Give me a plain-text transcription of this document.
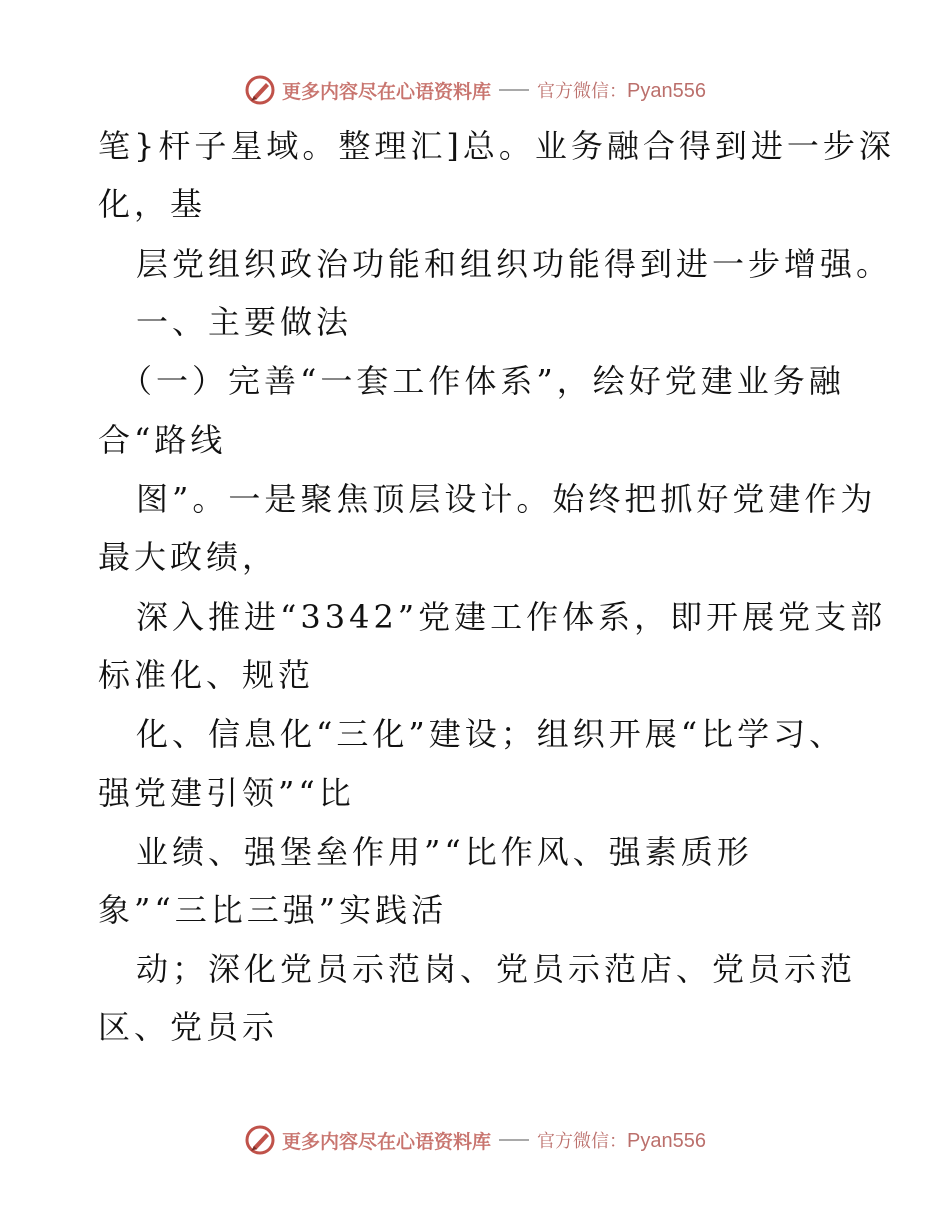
更多内容尽在心语资料库	官方微信：Pyan556
笔}杆子星域。整理汇]总。业务融合得到进一步深
化，基
层党组织政治功能和组织功能得到进一步增强。
一、主要做法
（一）完善“一套工作体系”，绘好党建业务融
合“路线
图”。一是聚焦顶层设计。始终把抓好党建作为
最大政绩，
深入推进“3342”党建工作体系，即开展党支部
标准化、规范
化、信息化“三化”建设；组织开展“比学习、
强党建引领”“比
业绩、强堡垒作用”“比作风、强素质形
象”“三比三强”实践活
动；深化党员示范岗、党员示范店、党员示范
区、党员示
更多内容尽在心语资料库	官方微信：Pyan556
